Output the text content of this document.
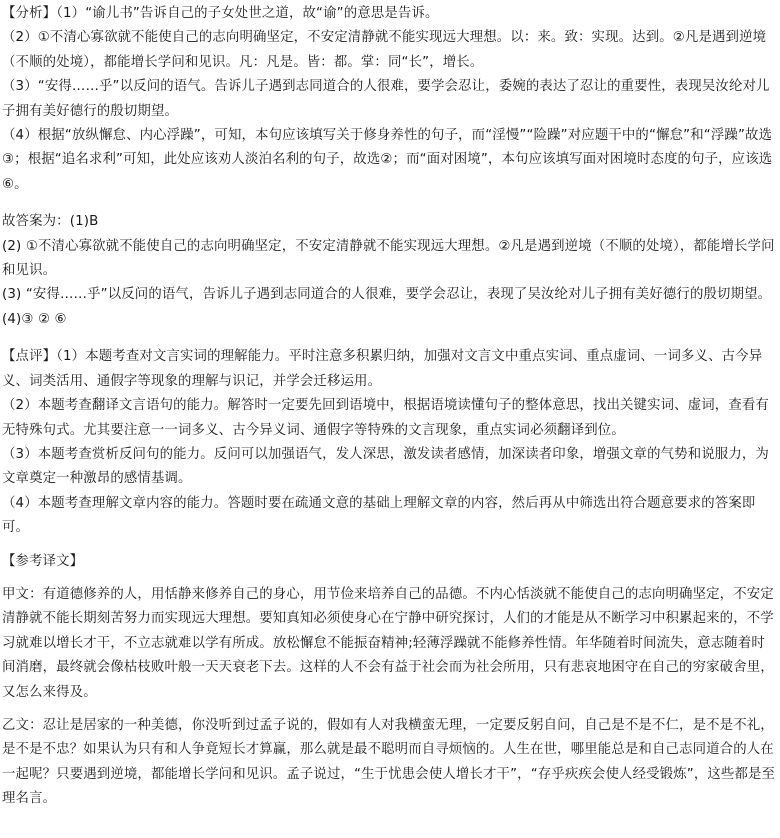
【分析】（1）“谕儿书”告诉自己的子女处世之道，故“谕”的意思是告诉。

（2）①不清心寡欲就不能使自己的志向明确坚定，不安定清静就不能实现远大理想。以：来。致：实现。达到。②凡是遇到逆境（不顺的处境），都能增长学问和见识。凡：凡是。皆：都。掌：同“长”，增长。

（3）“安得……乎”以反问的语气。告诉儿子遇到志同道合的人很难，要学会忍让，委婉的表达了忍让的重要性，表现吴汝纶对儿子拥有美好德行的殷切期望。

（4）根据“放纵懈怠、内心浮躁”，可知，本句应该填写关于修身养性的句子，而“淫慢”“险躁”对应题干中的“懈怠”和“浮躁”故选③；根据“追名求利”可知，此处应该劝人淡泊名利的句子，故选②；而“面对困境”，本句应该填写面对困境时态度的句子，应该选⑥。

故答案为：(1)B

(2) ①不清心寡欲就不能使自己的志向明确坚定，不安定清静就不能实现远大理想。②凡是遇到逆境（不顺的处境），都能增长学问和见识。

(3) “安得……乎”以反问的语气，告诉儿子遇到志同道合的人很难，要学会忍让，表现了吴汝纶对儿子拥有美好德行的殷切期望。

(4)③ ② ⑥

【点评】（1）本题考查对文言实词的理解能力。平时注意多积累归纳，加强对文言文中重点实词、重点虚词、一词多义、古今异义、词类活用、通假字等现象的理解与识记，并学会迁移运用。

（2）本题考查翻译文言语句的能力。解答时一定要先回到语境中，根据语境读懂句子的整体意思，找出关键实词、虚词，查看有无特殊句式。尤其要注意一一词多义、古今异义词、通假字等特殊的文言现象，重点实词必须翻译到位。

（3）本题考查赏析反问句的能力。反问可以加强语气，发人深思，激发读者感情，加深读者印象，增强文章的气势和说服力，为文章奠定一种激昂的感情基调。

（4）本题考查理解文章内容的能力。答题时要在疏通文意的基础上理解文章的内容，然后再从中筛选出符合题意要求的答案即可。

【参考译文】

甲文：有道德修养的人，用恬静来修养自己的身心，用节俭来培养自己的品德。不内心恬淡就不能使自己的志向明确坚定，不安定清静就不能长期刻苦努力而实现远大理想。要知真知必须使身心在宁静中研究探讨，人们的才能是从不断学习中积累起来的，不学习就难以增长才干，不立志就难以学有所成。放松懈怠不能振奋精神;轻薄浮躁就不能修养性情。年华随着时间流失，意志随着时间消磨，最终就会像枯枝败叶般一天天衰老下去。这样的人不会有益于社会而为社会所用，只有悲哀地困守在自己的穷家破舍里，又怎么来得及。

乙文：忍让是居家的一种美德，你没听到过孟子说的，假如有人对我横蛮无理，一定要反躬自问，自己是不是不仁，是不是不礼，是不是不忠？如果认为只有和人争竟短长才算赢，那么就是最不聪明而自寻烦恼的。人生在世，哪里能总是和自己志同道合的人在一起呢？只要遇到逆境，都能增长学问和见识。孟子说过，“生于忧患会使人增长才干”，“存乎疢疾会使人经受锻炼”，这些都是至理名言。
